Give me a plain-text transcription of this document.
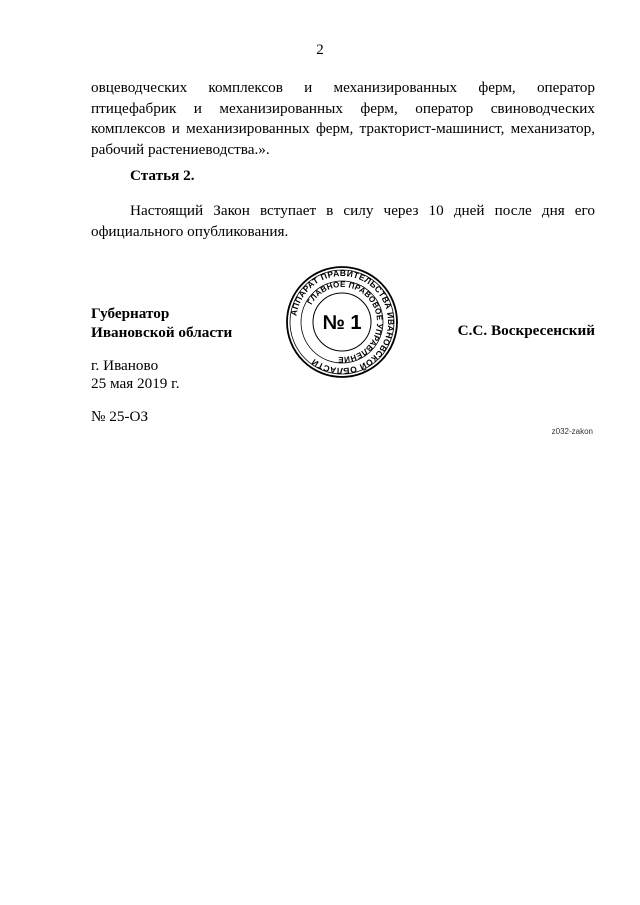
2

овцеводческих комплексов и механизированных ферм, оператор птицефабрик и механизированных ферм, оператор свиноводческих комплексов и механизированных ферм, тракторист-машинист, механизатор, рабочий растениеводства.».

Статья 2.

Настоящий Закон вступает в силу через 10 дней после дня его официального опубликования.

Губернатор
Ивановской области
АППАРАТ ПРАВИТЕЛЬСТВА ИВАНОВСКОЙ ОБЛАСТИ
ГЛАВНОЕ ПРАВОВОЕ УПРАВЛЕНИЕ
№ 1	С.С. Воскресенский
г. Иваново
25 мая 2019 г.
№ 25-ОЗ
z032-zakon
